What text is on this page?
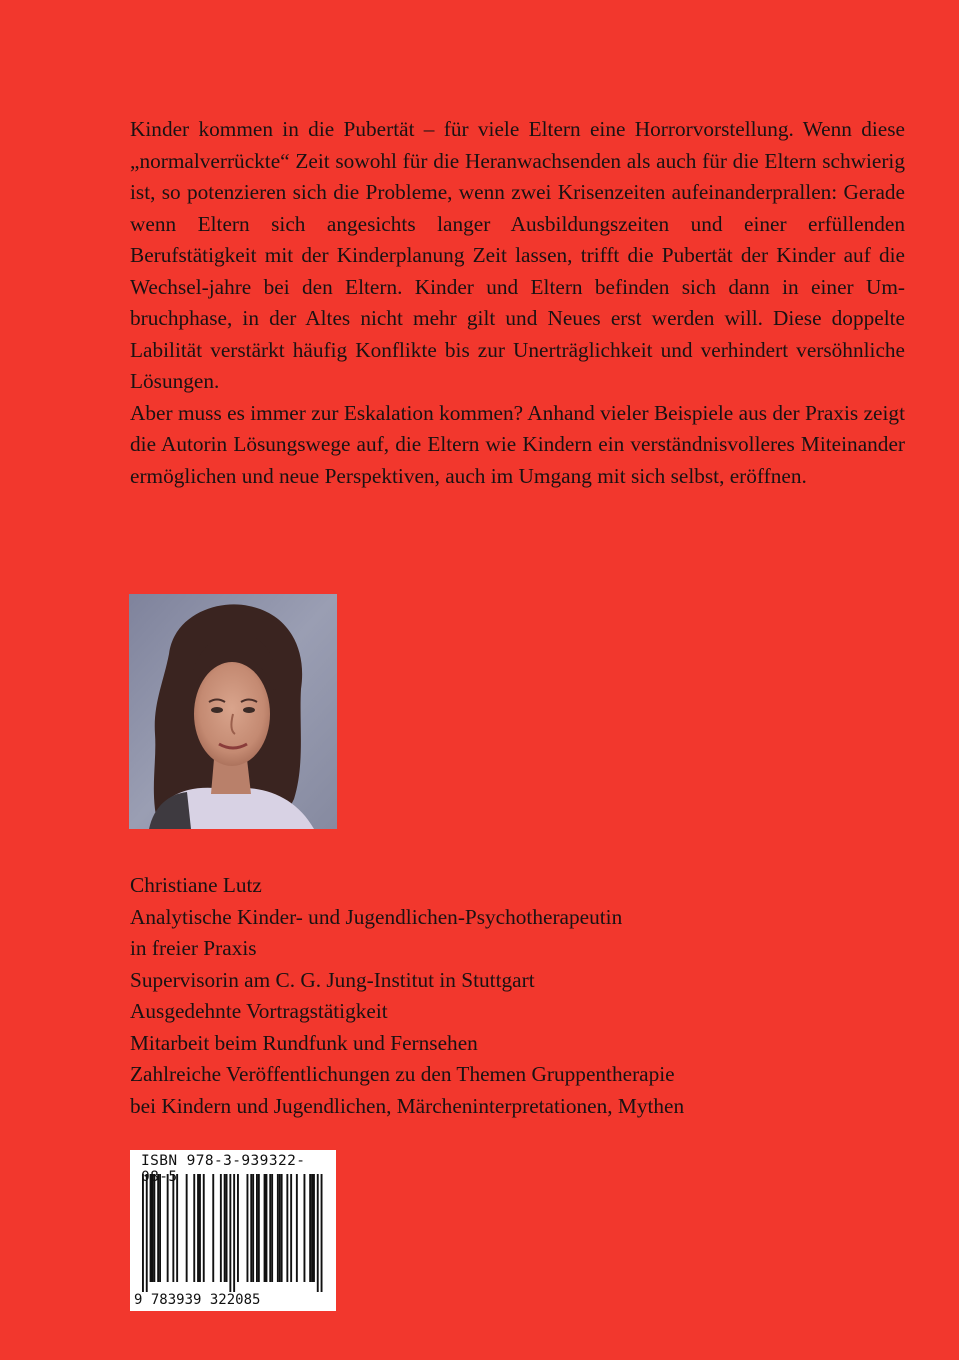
Kinder kommen in die Pubertät – für viele Eltern eine Horrorvorstellung. Wenn diese „normalverrückte“ Zeit sowohl für die Heranwachsenden als auch für die Eltern schwierig ist, so potenzieren sich die Probleme, wenn zwei Krisenzeiten aufeinanderprallen: Gerade wenn Eltern sich angesichts langer Ausbildungszeiten und einer erfüllenden Berufstätigkeit mit der Kinderplanung Zeit lassen, trifft die Pubertät der Kinder auf die Wechsel-jahre bei den Eltern. Kinder und Eltern befinden sich dann in einer Um-bruchphase, in der Altes nicht mehr gilt und Neues erst werden will. Diese doppelte Labilität verstärkt häufig Konflikte bis zur Unerträglichkeit und verhindert versöhnliche Lösungen.

Aber muss es immer zur Eskalation kommen? Anhand vieler Beispiele aus der Praxis zeigt die Autorin Lösungswege auf, die Eltern wie Kindern ein verständnisvolleres Miteinander ermöglichen und neue Perspektiven, auch im Umgang mit sich selbst, eröffnen.

Christiane Lutz
Analytische Kinder- und Jugendlichen-Psychotherapeutin
in freier Praxis
Supervisorin am C. G. Jung-Institut in Stuttgart
Ausgedehnte Vortragstätigkeit
Mitarbeit beim Rundfunk und Fernsehen
Zahlreiche Veröffentlichungen zu den Themen Gruppentherapie
bei Kindern und Jugendlichen, Märcheninterpretationen, Mythen
ISBN 978-3-939322-08-5
9 783939 322085
